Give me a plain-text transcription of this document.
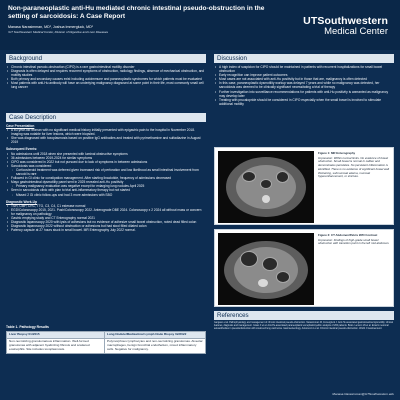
Non-paraneoplastic anti-Hu mediated chronic intestinal pseudo-obstruction in the setting of sarcoidosis: A Case Report
Manasa Narasimman, MD¹, Joshua Immergluck, MD¹
¹UT Southwestern Medical Center, Division of Digestive and Liver Diseases
UTSouthwestern
Medical Center
Background
• Chronic intestinal pseudo-obstruction (CIPO) is a rare gastrointestinal motility disorder
• Diagnosis is often delayed and requires recurrent symptoms of obstruction, radiology findings, absence of mechanical obstruction, and motility studies
• Both primary and secondary causes exist including autoimmune and paraneoplastic syndromes for which patients must be evaluated
• Most patients with anti-Hu antibody will have an underlying malignancy diagnosed at some point in their life, most commonly small cell lung cancer
Case Description
Case Presentation
• A 60-year-old woman with no significant medical history initially presented with epigastric pain to the hospital in November 2018. Imaging was notable for liver lesions, which were biopsied.
• She was diagnosed with toxoplasmosis based on positive IgG antibodies and treated with pyrimethamine and sulfadiazine in August 2019
Subsequent Events:
• No admissions until 2018 when she presented with luminal obstructive symptoms
• 36 admissions between 2019-2024 for similar symptoms
• CIPO was considered in 2022 but not pursued due to lack of symptoms in between admissions
• Sarcoidosis was considered
◦ Corticosteroid treatment was deferred given increased risk of perforation and low likelihood as small intestinal involvement from sarcoid is rare
• Followed in GI clinic for constipation management. After starting linaclotide, frequency of admissions decreased
• Mayo gastrointestinal dysmotility panel sent in 2025 revealed anti-Hu positivity
◦ Primary malignancy evaluation was negative except for enlarging lung nodules April 2025
• Seen in sarcoidosis clinic with plan to trial anti-inflammatory therapy but not started
◦ Missed 2 GI clinic follow-ups and had 3 more admissions with SBO
Diagnostic Work-Up
• TSH, CMP, CRC, TTG, C3, C4, C1 esterase normal
• EGD/Colonoscopy 2015, 2021. Push/Colonoscopy 2022. Anterograde DBE 2024. Colonoscopy x 2 2024 all without mass or concern for malignancy on pathology
• Gastric emptying study and CT Enterography normal 2021
• Diagnostic laparoscopy 2020 with lysis of adhesions but no evidence of adhesive small bowel obstruction, noted dead filled colon
• Diagnostic laparoscopy 2022 without obstruction or adhesions but had stool filled dilated colon
• Patency capsule at 27 hours stuck in small bowel. MR Enterography July 2022 normal.
Table 1. Pathology Results
Liver Biopsy 01/2015	Lung Nodule/Mediastinal Lymph Node Biopsy 02/2022
Non-necrotizing granulomatous inflammation. Well-formed granulomas with adjacent hyalinizing fibrosis and scattered eosinophils. Site includes toxoplasmosis.	Polymorphous lymphocytes and non-necrotizing granulomas. Alveolar macrophages, benign bronchial endothelium, mixed inflammatory cells. Negative for malignancy.
Discussion
• A high index of suspicion for CIPO should be maintained in patients with recurrent hospitalizations for small bowel obstruction
• Early recognition can improve patient outcomes
• Most cases are not associated with anti-Hu positivity but in those that are, malignancy is often detected
• In this case, paraneoplastic dysmotility workup was delayed 7 years and while no malignancy was detected, her sarcoidosis was deemed to be clinically significant necessitating a trial of therapy
• Further investigation into surveillance recommendations for patients with anti-Hu positivity is warranted as malignancy may develop later
• Treating with prucalopride should be considered in CIPO especially when the small bowel is involved to stimulate additional motility
Figure 1: MR Enterography
Impression: Within normal limits. No evidence of bowel obstruction. Small bowel is normal in caliber and demonstrates peristalsis. No persistent inflammation is identified. There is no evidence of significant bowel wall thickening, submucosal edema, mucosal hyperenhancement, or stricture.
Figure 2: CT Abdomen/Pelvis W/O Contrast
Impression: Findings of high-grade small bowel obstruction with transition point in the left mid abdomen.
References
Gargano et al. Pathophysiology and management of chronic intestinal pseudo-obstruction. Narasimman M, Immergluck J. Anti-Hu associated gastrointestinal dysmotility: clinical features, diagnosis and management. Graus F et al. Anti-Hu-associated paraneoplastic encephalomyelitis: analysis of 200 patients. Brain. Lennon VA et al. Enteric neuronal autoantibodies in pseudoobstruction with small-cell lung carcinoma. Gastroenterology. Antonucci A et al. Chronic intestinal pseudo-obstruction. World J Gastroenterol.
Manasa.Narasimman@UTSouthwestern.edu
